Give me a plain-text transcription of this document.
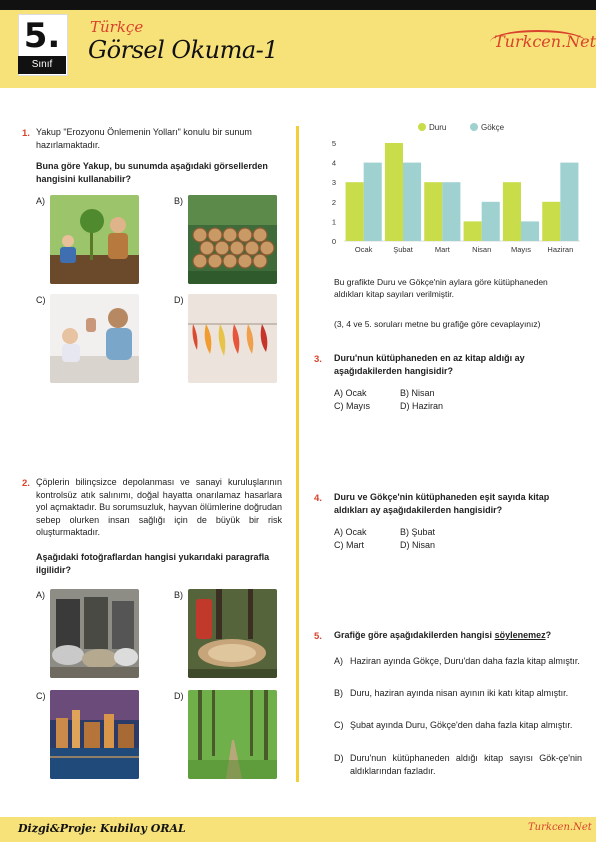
5.
Sınıf
Türkçe
Görsel Okuma-1	Turkcen.Net
1. Yakup "Erozyonu Önlemenin Yolları" konulu bir sunum hazırlamaktadır.
Buna göre Yakup, bu sunumda aşağıdaki görsellerden hangisini kullanabilir?
A)	B)
C)	D)
2. Çöplerin bilinçsizce depolanması ve sanayi kuruluşlarının kontrolsüz atık salınımı, doğal hayatta onarılamaz hasarlara yol açmaktadır. Bu sorumsuzluk, hayvan ölümlerine doğrudan sebep olurken insan sağlığı için de büyük bir risk oluşturmaktadır.
Aşağıdaki fotoğraflardan hangisi yukarıdaki paragrafla ilgilidir?
A)	B)
C)	D)
Duru	Gökçe
0
1
2
3
4
5
Ocak	Şubat	Mart	Nisan	Mayıs Haziran
Bu grafikte Duru ve Gökçe'nin aylara göre kütüphaneden aldıkları kitap sayıları verilmiştir.
(3, 4 ve 5. soruları metne bu grafiğe göre cevaplayınız)
3. Duru'nun kütüphaneden en az kitap aldığı ay aşağıdakilerden hangisidir?
A) Ocak	B) Nisan
C) Mayıs	D) Haziran
4. Duru ve Gökçe'nin kütüphaneden eşit sayıda kitap aldıkları ay aşağıdakilerden hangisidir?
A) Ocak	B) Şubat
C) Mart	D) Nisan
5. Grafiğe göre aşağıdakilerden hangisi söylenemez?
A) Haziran ayında Gökçe, Duru'dan daha fazla kitap almıştır.
B) Duru, haziran ayında nisan ayının iki katı kitap almıştır.
C) Şubat ayında Duru, Gökçe'den daha fazla kitap almıştır.
D) Duru'nun kütüphaneden aldığı kitap sayısı Gök-çe'nin aldıklarından fazladır.
Dizgi&Proje: Kubilay ORAL	Turkcen.Net
